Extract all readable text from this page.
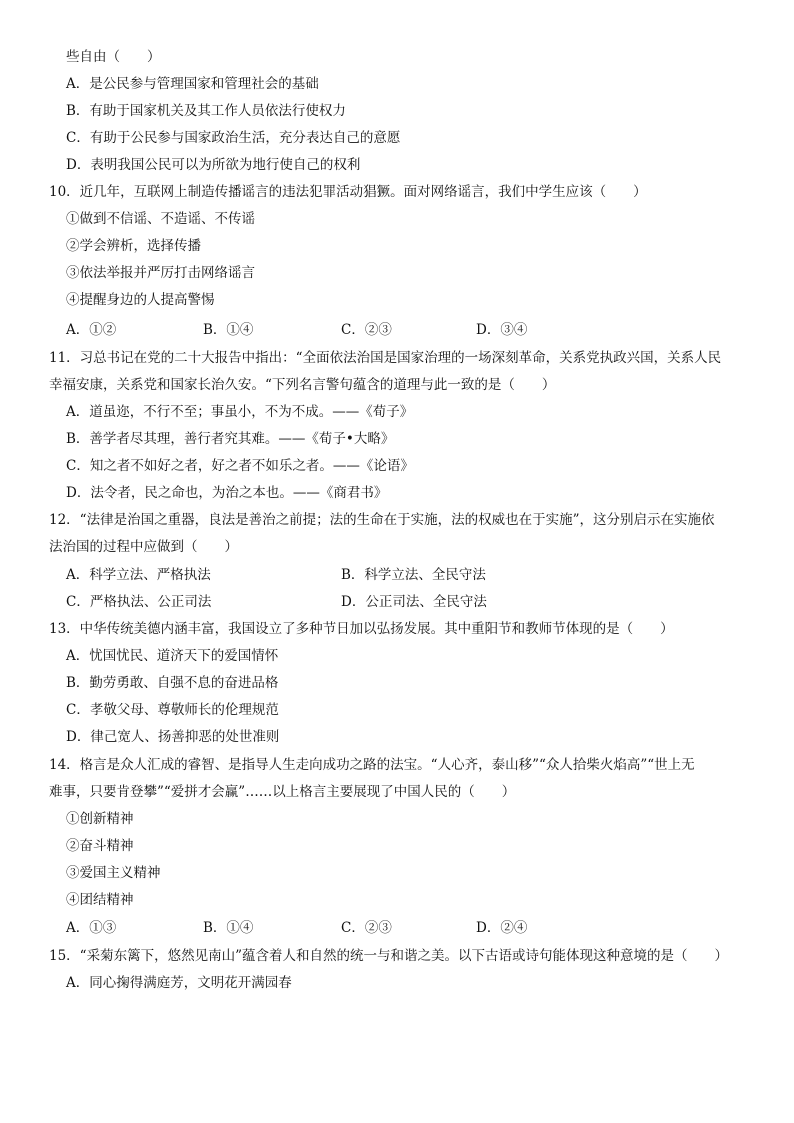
些自由（　　）
A．是公民参与管理国家和管理社会的基础
B．有助于国家机关及其工作人员依法行使权力
C．有助于公民参与国家政治生活，充分表达自己的意愿
D．表明我国公民可以为所欲为地行使自己的权利
10．近几年，互联网上制造传播谣言的违法犯罪活动猖獗。面对网络谣言，我们中学生应该（　　）
①做到不信谣、不造谣、不传谣
②学会辨析，选择传播
③依法举报并严厉打击网络谣言
④提醒身边的人提高警惕
A．①②	B．①④	C．②③	D．③④
11．习总书记在党的二十大报告中指出：“全面依法治国是国家治理的一场深刻革命，关系党执政兴国，关系人民
幸福安康，关系党和国家长治久安。“下列名言警句蕴含的道理与此一致的是（　　）
A．道虽迩，不行不至；事虽小，不为不成。——《荀子》
B．善学者尽其理，善行者究其难。——《荀子•大略》
C．知之者不如好之者，好之者不如乐之者。——《论语》
D．法令者，民之命也，为治之本也。——《商君书》
12．“法律是治国之重器，良法是善治之前提；法的生命在于实施，法的权威也在于实施”，这分别启示在实施依
法治国的过程中应做到（　　）
A．科学立法、严格执法	B．科学立法、全民守法
C．严格执法、公正司法	D．公正司法、全民守法
13．中华传统美德内涵丰富，我国设立了多种节日加以弘扬发展。其中重阳节和教师节体现的是（　　）
A．忧国忧民、道济天下的爱国情怀
B．勤劳勇敢、自强不息的奋进品格
C．孝敬父母、尊敬师长的伦理规范
D．律己宽人、扬善抑恶的处世准则
14．格言是众人汇成的睿智、是指导人生走向成功之路的法宝。“人心齐，泰山移”“众人拾柴火焰高”“世上无
难事，只要肯登攀”“爱拼才会赢”……以上格言主要展现了中国人民的（　　）
①创新精神
②奋斗精神
③爱国主义精神
④团结精神
A．①③	B．①④	C．②③	D．②④
15．“采菊东篱下，悠然见南山”蕴含着人和自然的统一与和谐之美。以下古语或诗句能体现这种意境的是（　　）
A．同心掬得满庭芳，文明花开满园春
